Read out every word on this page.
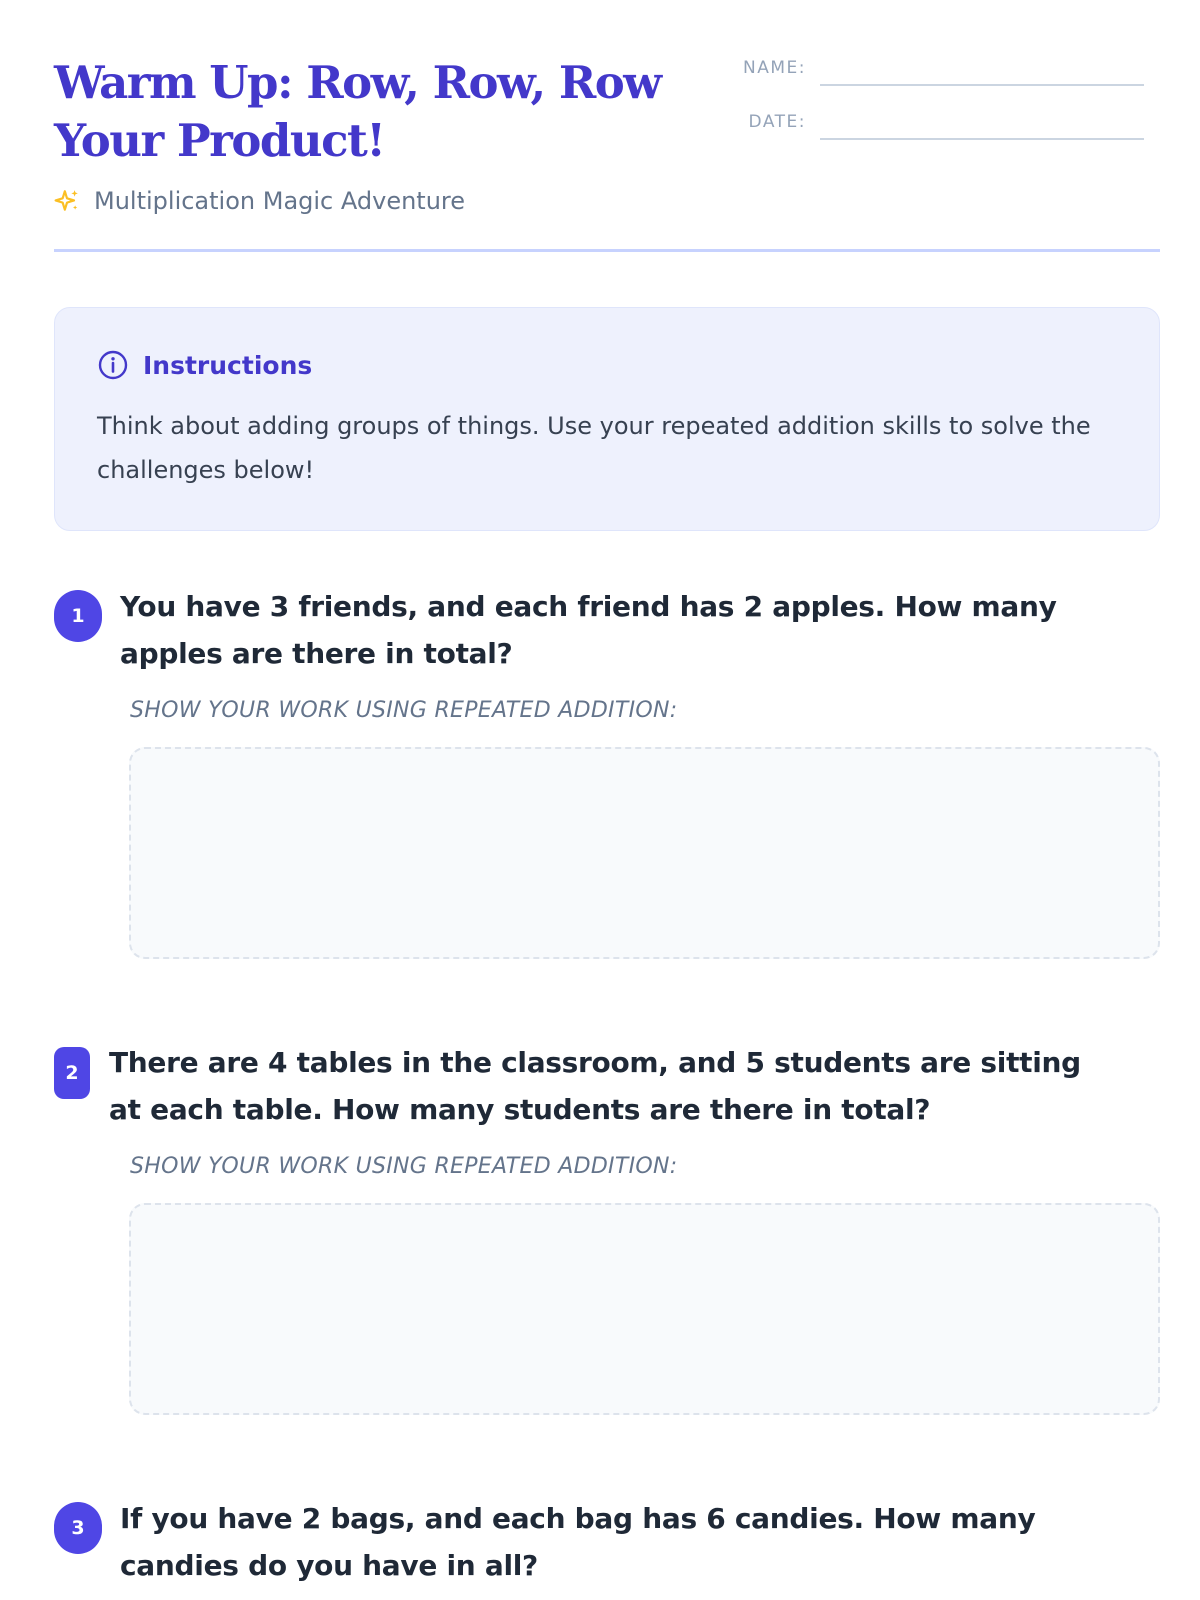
Warm Up: Row, Row, Row Your Product!
NAME:
DATE:
Multiplication Magic Adventure
Instructions
Think about adding groups of things. Use your repeated addition skills to solve the challenges below!
1	You have 3 friends, and each friend has 2 apples. How many apples are there in total?
SHOW YOUR WORK USING REPEATED ADDITION:
2	There are 4 tables in the classroom, and 5 students are sitting at each table. How many students are there in total?
SHOW YOUR WORK USING REPEATED ADDITION:
3	If you have 2 bags, and each bag has 6 candies. How many candies do you have in all?
